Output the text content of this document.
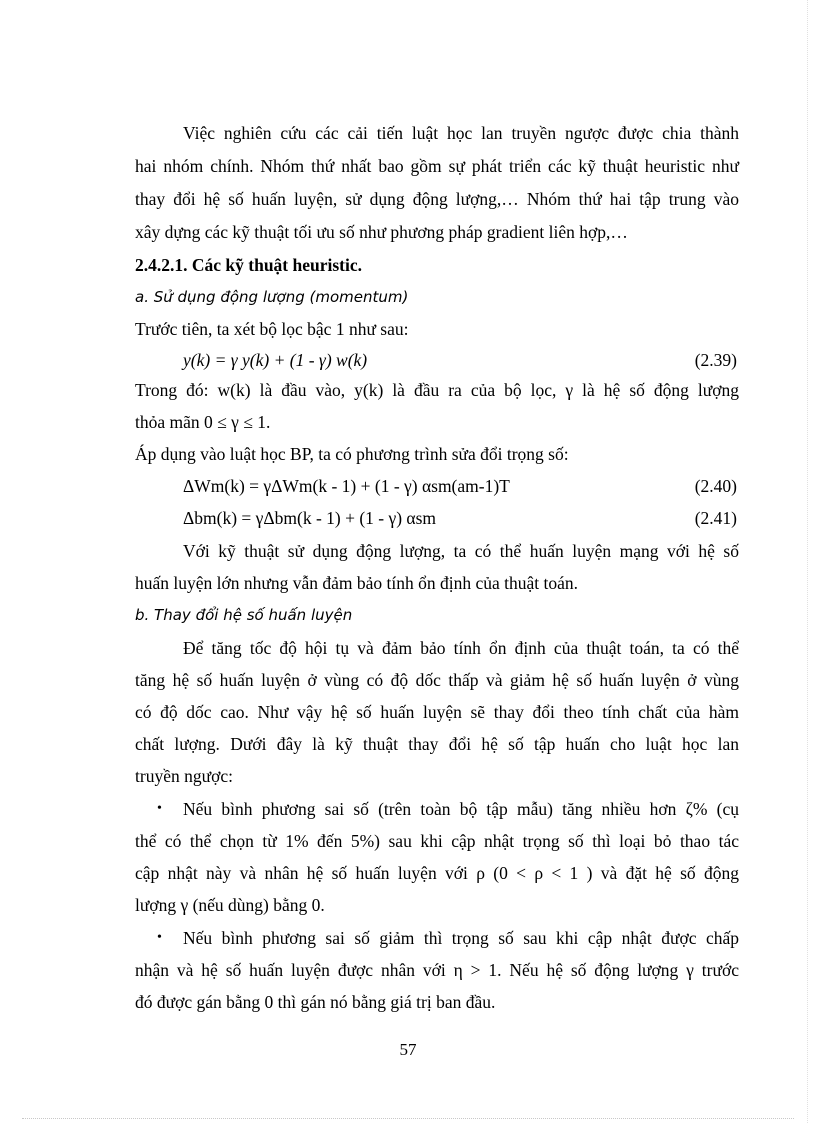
Việc nghiên cứu các cải tiến luật học lan truyền ngược được chia thành
hai nhóm chính. Nhóm thứ nhất bao gồm sự phát triển các kỹ thuật heuristic như
thay đổi hệ số huấn luyện, sử dụng động lượng,… Nhóm thứ hai tập trung vào
xây dựng các kỹ thuật tối ưu số như phương pháp gradient liên hợp,…
2.4.2.1. Các kỹ thuật heuristic.
a. Sử dụng động lượng (momentum)
Trước tiên, ta xét bộ lọc bậc 1 như sau:
y(k) = γ y(k) + (1 - γ) w(k)	(2.39)
Trong đó: w(k) là đầu vào, y(k) là đầu ra của bộ lọc, γ là hệ số động lượng
thỏa mãn 0 ≤ γ ≤ 1.
Áp dụng vào luật học BP, ta có phương trình sửa đổi trọng số:
ΔWm(k) = γΔWm(k - 1) + (1 - γ) αsm(am-1)T	(2.40)
Δbm(k) = γΔbm(k - 1) + (1 - γ) αsm	(2.41)
Với kỹ thuật sử dụng động lượng, ta có thể huấn luyện mạng với hệ số
huấn luyện lớn nhưng vẫn đảm bảo tính ổn định của thuật toán.
b. Thay đổi hệ số huấn luyện
Để tăng tốc độ hội tụ và đảm bảo tính ổn định của thuật toán, ta có thể
tăng hệ số huấn luyện ở vùng có độ dốc thấp và giảm hệ số huấn luyện ở vùng
có độ dốc cao. Như vậy hệ số huấn luyện sẽ thay đổi theo tính chất của hàm
chất lượng. Dưới đây là kỹ thuật thay đổi hệ số tập huấn cho luật học lan
truyền ngược:
• Nếu bình phương sai số (trên toàn bộ tập mẫu) tăng nhiều hơn ζ% (cụ
thể có thể chọn từ 1% đến 5%) sau khi cập nhật trọng số thì loại bỏ thao tác
cập nhật này và nhân hệ số huấn luyện với ρ (0 < ρ < 1 ) và đặt hệ số động
lượng γ (nếu dùng) bằng 0.
• Nếu bình phương sai số giảm thì trọng số sau khi cập nhật được chấp
nhận và hệ số huấn luyện được nhân với η > 1. Nếu hệ số động lượng γ trước
đó được gán bằng 0 thì gán nó bằng giá trị ban đầu.
57
